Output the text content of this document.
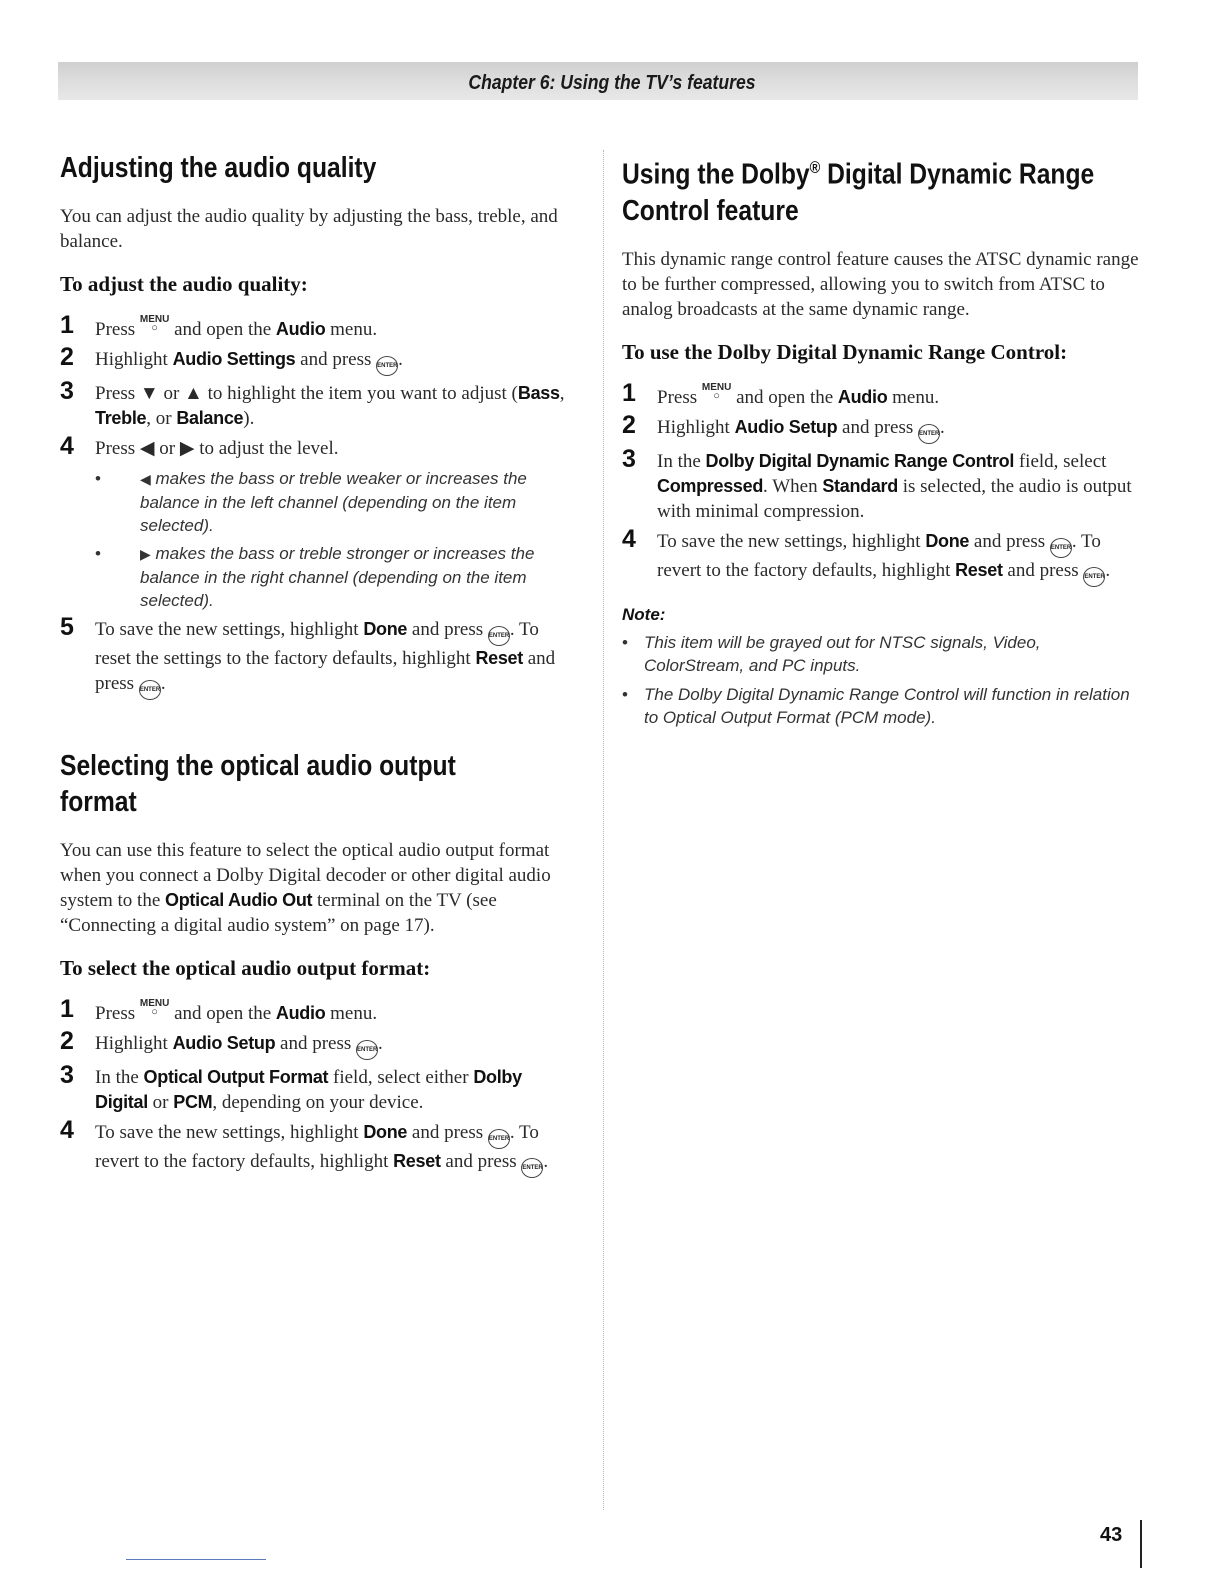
Chapter 6: Using the TV’s features
Adjusting the audio quality

You can adjust the audio quality by adjusting the bass, treble, and balance.

To adjust the audio quality:
1 Press MENU
○ and open the Audio menu.
2 Highlight Audio Settings and press ENTER.
3 Press ▼ or ▲ to highlight the item you want to adjust (Bass, Treble, or Balance).
4 Press ◀ or ▶ to adjust the level.
•	◀ makes the bass or treble weaker or increases the balance in the left channel (depending on the item selected).
•	▶ makes the bass or treble stronger or increases the balance in the right channel (depending on the item selected).
5 To save the new settings, highlight Done and press ENTER. To reset the settings to the factory defaults, highlight Reset and press ENTER.
Selecting the optical audio output format

You can use this feature to select the optical audio output format when you connect a Dolby Digital decoder or other digital audio system to the Optical Audio Out terminal on the TV (see “Connecting a digital audio system” on page 17).

To select the optical audio output format:
1 Press MENU
○ and open the Audio menu.
2 Highlight Audio Setup and press ENTER.
3 In the Optical Output Format field, select either Dolby Digital or PCM, depending on your device.
4 To save the new settings, highlight Done and press ENTER. To revert to the factory defaults, highlight Reset and press ENTER.
Using the Dolby® Digital Dynamic Range Control feature

This dynamic range control feature causes the ATSC dynamic range to be further compressed, allowing you to switch from ATSC to analog broadcasts at the same dynamic range.

To use the Dolby Digital Dynamic Range Control:
1 Press MENU
○ and open the Audio menu.
2 Highlight Audio Setup and press ENTER.
3 In the Dolby Digital Dynamic Range Control field, select Compressed. When Standard is selected, the audio is output with minimal compression.
4 To save the new settings, highlight Done and press ENTER. To revert to the factory defaults, highlight Reset and press ENTER.
Note:
• This item will be grayed out for NTSC signals, Video, ColorStream, and PC inputs.
• The Dolby Digital Dynamic Range Control will function in relation to Optical Output Format (PCM mode).
43
